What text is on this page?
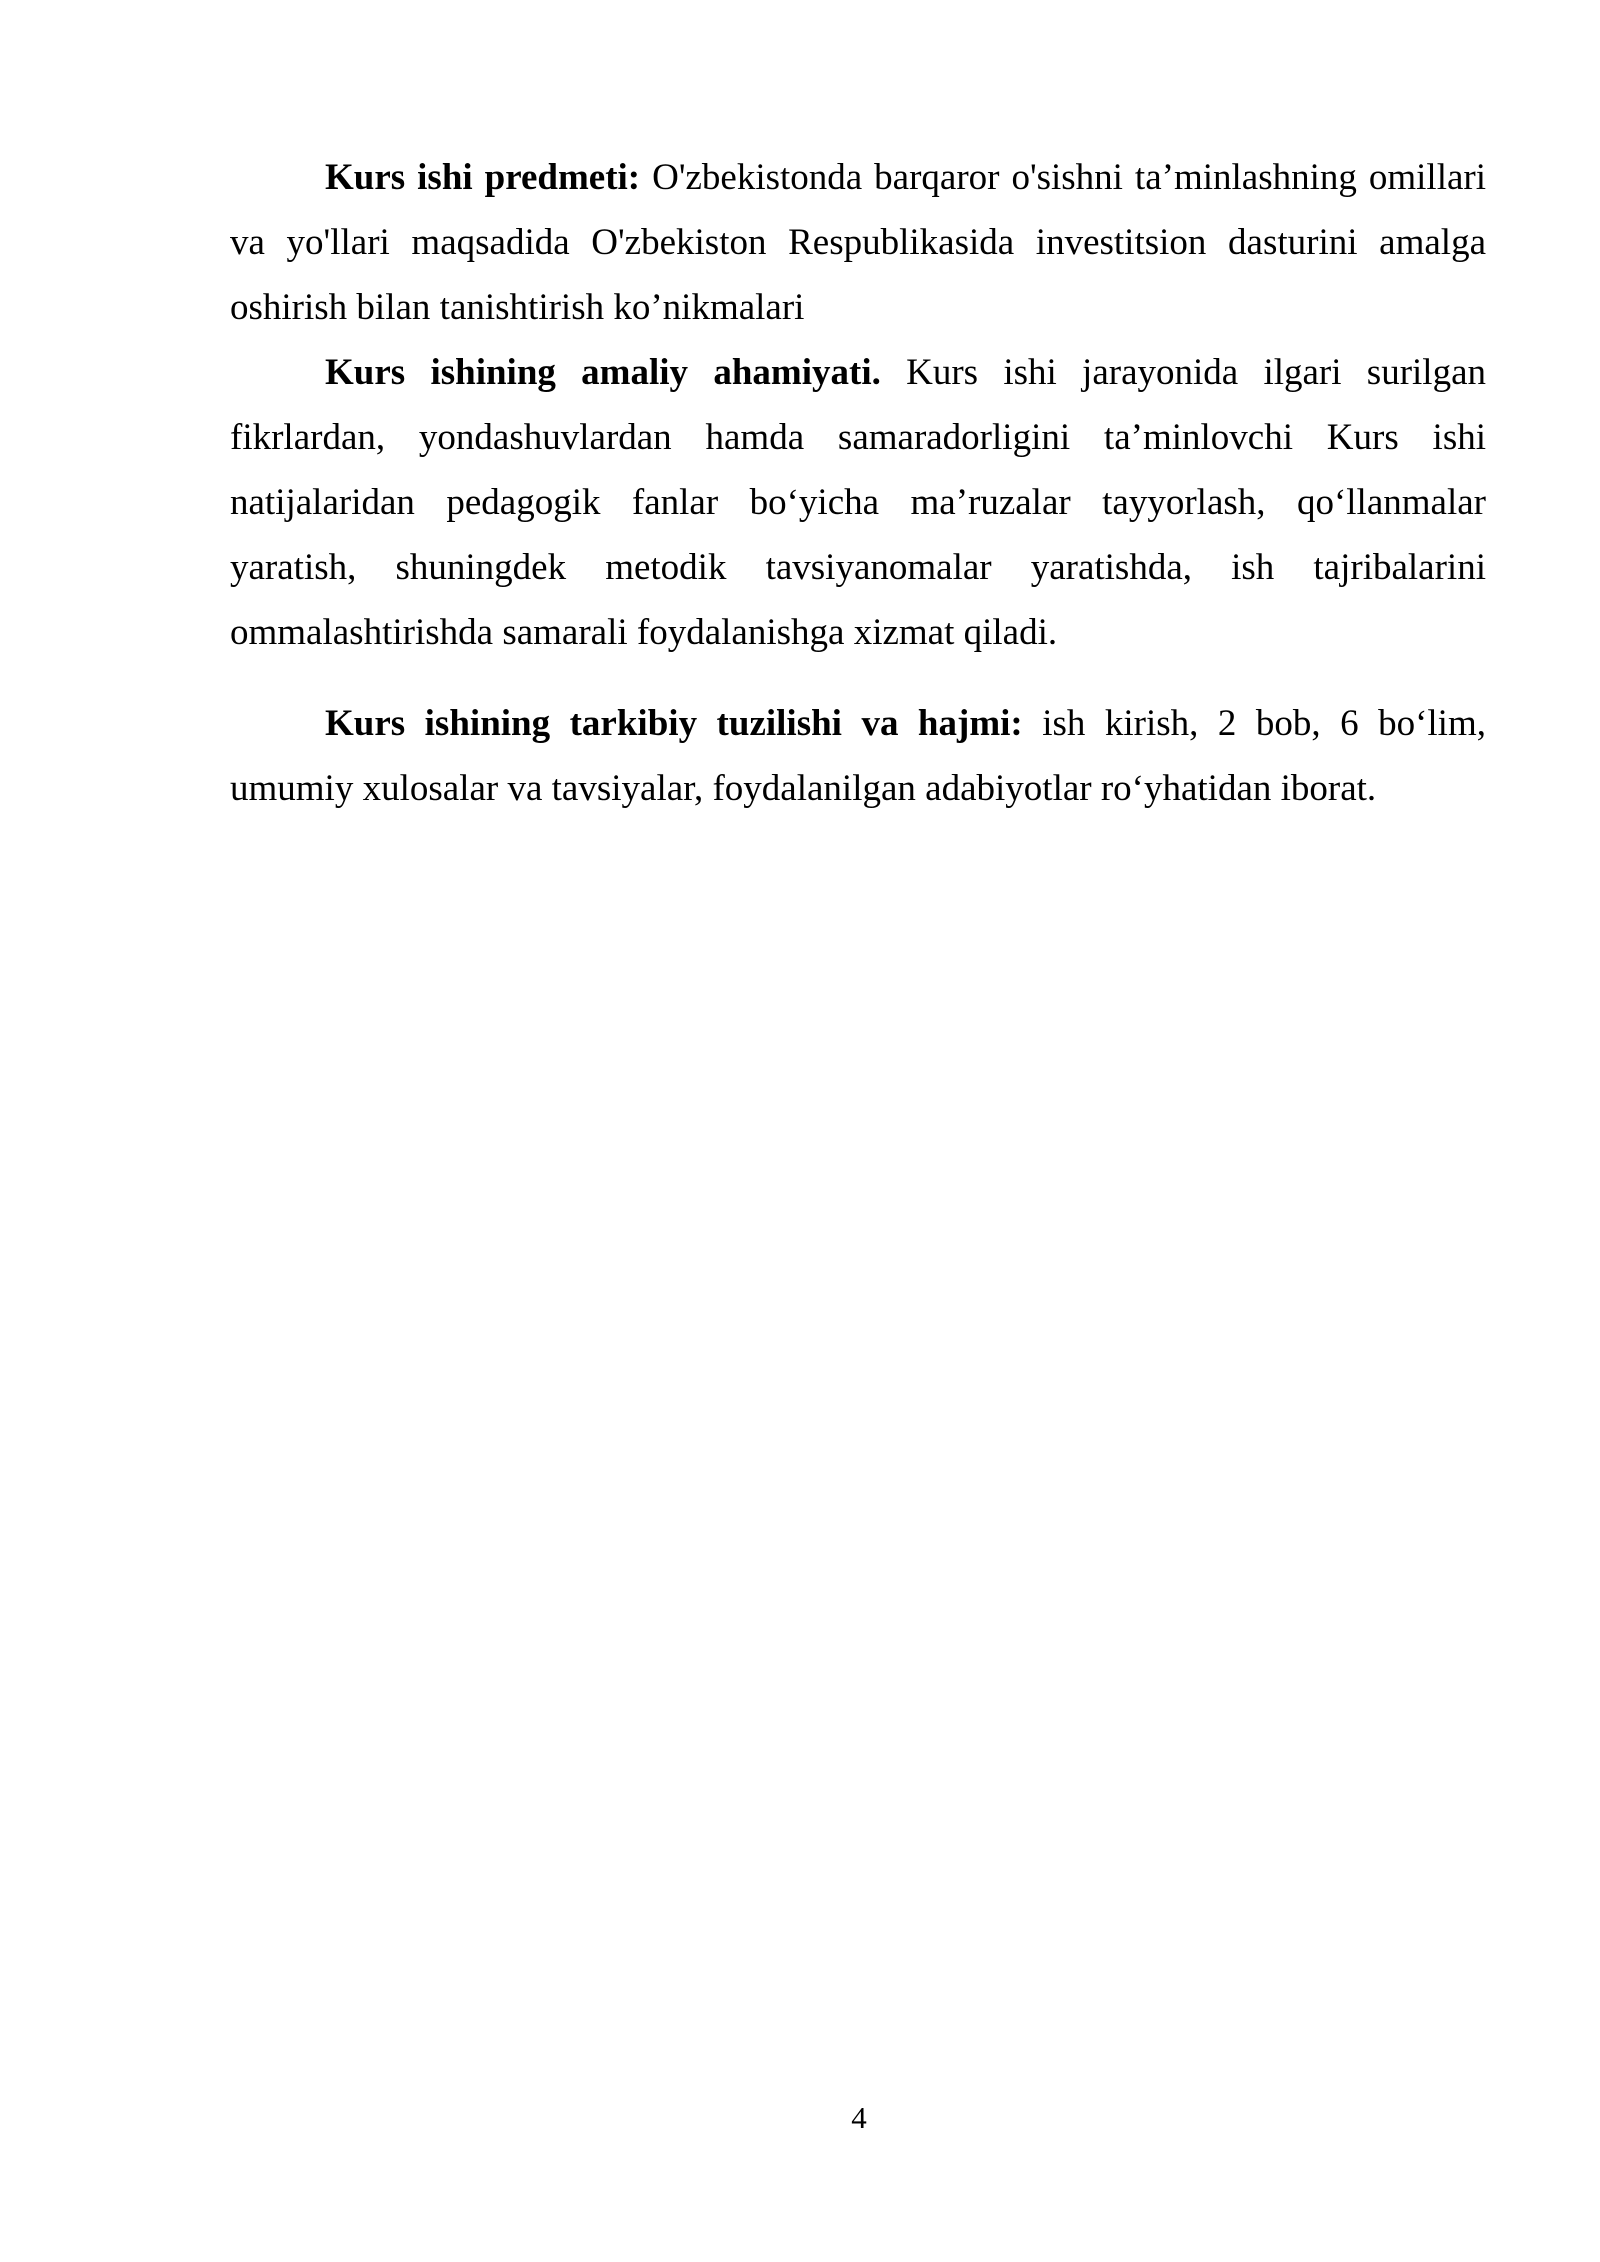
Kurs ishi predmeti: O'zbekistonda barqaror o'sishni ta’minlashning omillari va yo'llari maqsadida O'zbekiston Respublikasida investitsion dasturini amalga oshirish bilan tanishtirish ko’nikmalari

Kurs ishining amaliy ahamiyati. Kurs ishi jarayonida ilgari surilgan fikrlardan, yondashuvlardan hamda samaradorligini ta’minlovchi Kurs ishi natijalaridan pedagogik fanlar bo‘yicha ma’ruzalar tayyorlash, qo‘llanmalar yaratish, shuningdek metodik tavsiyanomalar yaratishda, ish tajribalarini ommalashtirishda samarali foydalanishga xizmat qiladi.

Kurs ishining tarkibiy tuzilishi va hajmi: ish kirish, 2 bob, 6 bo‘lim, umumiy xulosalar va tavsiyalar, foydalanilgan adabiyotlar ro‘yhatidan iborat.

4
